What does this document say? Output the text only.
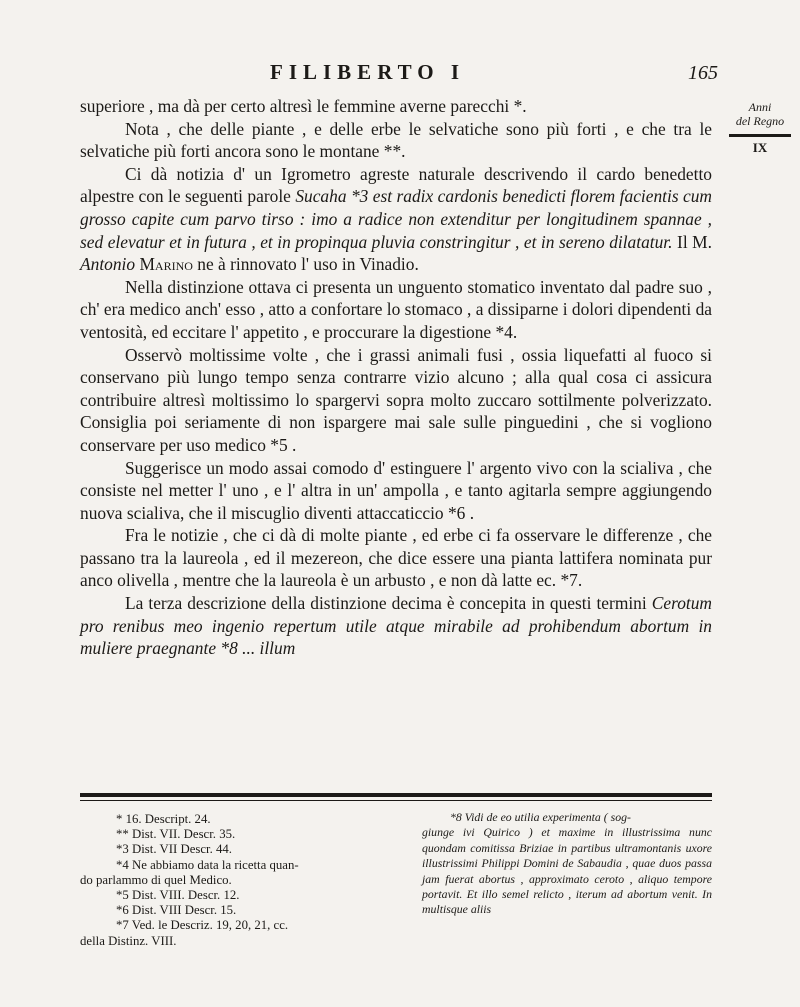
FILIBERTO I	165
Anni
del Regno
IX

superiore , ma dà per certo altresì le femmine averne parecchi *.

Nota , che delle piante , e delle erbe le selvatiche sono più forti , e che tra le selvatiche più forti ancora sono le montane **.

Ci dà notizia d' un Igrometro agreste naturale descrivendo il cardo benedetto alpestre con le seguenti parole Sucaha *3 est radix cardonis benedicti florem facientis cum grosso capite cum parvo tirso : imo a radice non extenditur per longitudinem spannae , sed elevatur et in futura , et in propinqua pluvia constringitur , et in sereno dilatatur. Il M. Antonio Marino ne à rinnovato l' uso in Vinadio.

Nella distinzione ottava ci presenta un unguento stomatico inventato dal padre suo , ch' era medico anch' esso , atto a confortare lo stomaco , a dissiparne i dolori dipendenti da ventosità, ed eccitare l' appetito , e proccurare la digestione *4.

Osservò moltissime volte , che i grassi animali fusi , ossia liquefatti al fuoco si conservano più lungo tempo senza contrarre vizio alcuno ; alla qual cosa ci assicura contribuire altresì moltissimo lo spargervi sopra molto zuccaro sottilmente polverizzato. Consiglia poi seriamente di non ispargere mai sale sulle pinguedini , che si vogliono conservare per uso medico *5 .

Suggerisce un modo assai comodo d' estinguere l' argento vivo con la scialiva , che consiste nel metter l' uno , e l' altra in un' ampolla , e tanto agitarla sempre aggiungendo nuova scialiva, che il miscuglio diventi attaccaticcio *6 .

Fra le notizie , che ci dà di molte piante , ed erbe ci fa osservare le differenze , che passano tra la laureola , ed il mezereon, che dice essere una pianta lattifera nominata pur anco olivella , mentre che la laureola è un arbusto , e non dà latte ec. *7.

La terza descrizione della distinzione decima è concepita in questi termini Cerotum pro renibus meo ingenio repertum utile atque mirabile ad prohibendum abortum in muliere praegnante *8 ... illum

* 16. Descript. 24.
** Dist. VII. Descr. 35.
*3 Dist. VII Descr. 44.
*4 Ne abbiamo data la ricetta quan-
do parlammo di quel Medico.
*5 Dist. VIII. Descr. 12.
*6 Dist. VIII Descr. 15.
*7 Ved. le Descriz. 19, 20, 21, cc.
della Distinz. VIII.
*8 Vidi de eo utilia experimenta ( sog-
giunge ivi Quirico ) et maxime in illustrissima nunc quondam comitissa Briziae in partibus ultramontanis uxore illustrissimi Philippi Domini de Sabaudia , quae duos passa jam fuerat abortus , approximato ceroto , aliquo tempore portavit. Et illo semel relicto , iterum ad abortum venit. In multisque aliis
